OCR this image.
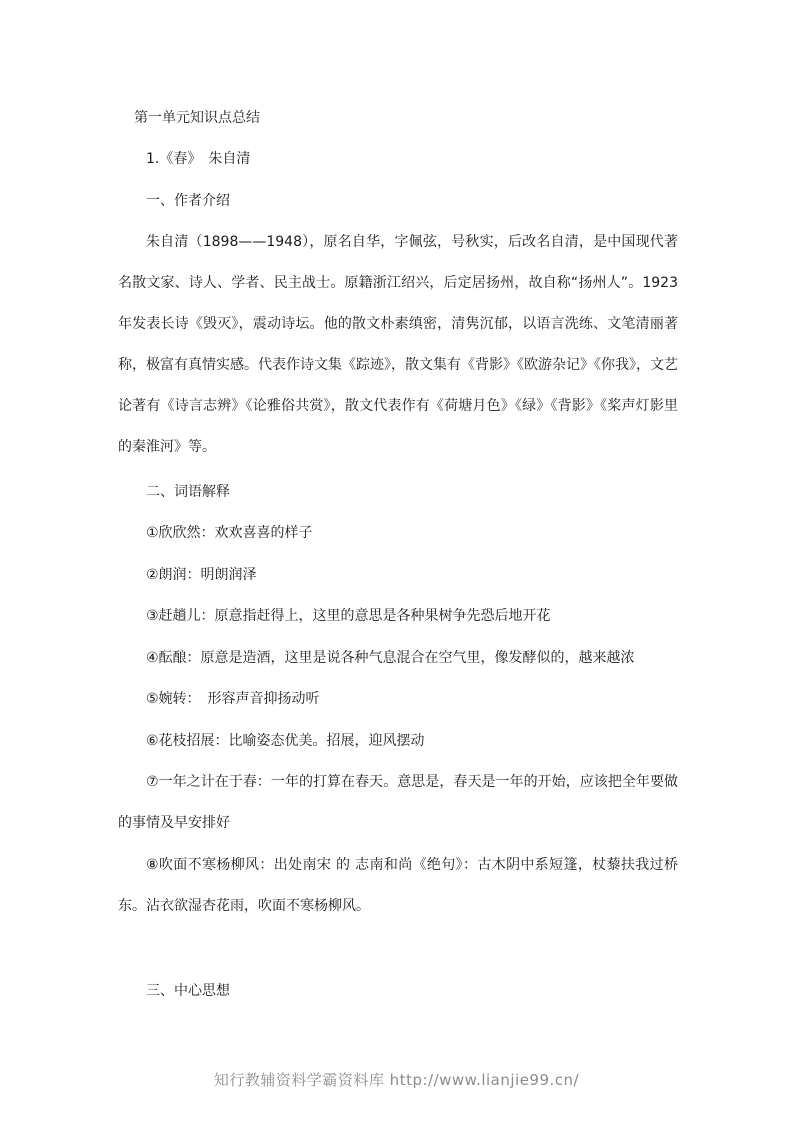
第一单元知识点总结
1.《春》　朱自清
一、作者介绍
朱自清（1898——1948），原名自华，字佩弦，号秋实，后改名自清，是中国现代著名散文家、诗人、学者、民主战士。原籍浙江绍兴，后定居扬州，故自称“扬州人”。1923年发表长诗《毁灭》，震动诗坛。他的散文朴素缜密，清隽沉郁，以语言洗练、文笔清丽著称，极富有真情实感。代表作诗文集《踪迹》，散文集有《背影》《欧游杂记》《你我》，文艺论著有《诗言志辨》《论雅俗共赏》，散文代表作有《荷塘月色》《绿》《背影》《桨声灯影里的秦淮河》等。
二、词语解释
①欣欣然：欢欢喜喜的样子
②朗润：明朗润泽
③赶趟儿：原意指赶得上，这里的意思是各种果树争先恐后地开花
④酝酿：原意是造酒，这里是说各种气息混合在空气里，像发酵似的，越来越浓
⑤婉转：　形容声音抑扬动听
⑥花枝招展：比喻姿态优美。招展，迎风摆动
⑦一年之计在于春：一年的打算在春天。意思是，春天是一年的开始，应该把全年要做的事情及早安排好
⑧吹面不寒杨柳风：出处南宋 的 志南和尚《绝句》：古木阴中系短篷，杖藜扶我过桥东。沾衣欲湿杏花雨，吹面不寒杨柳风。
三、中心思想
知行教辅资料学霸资料库 http://www.lianjie99.cn/
